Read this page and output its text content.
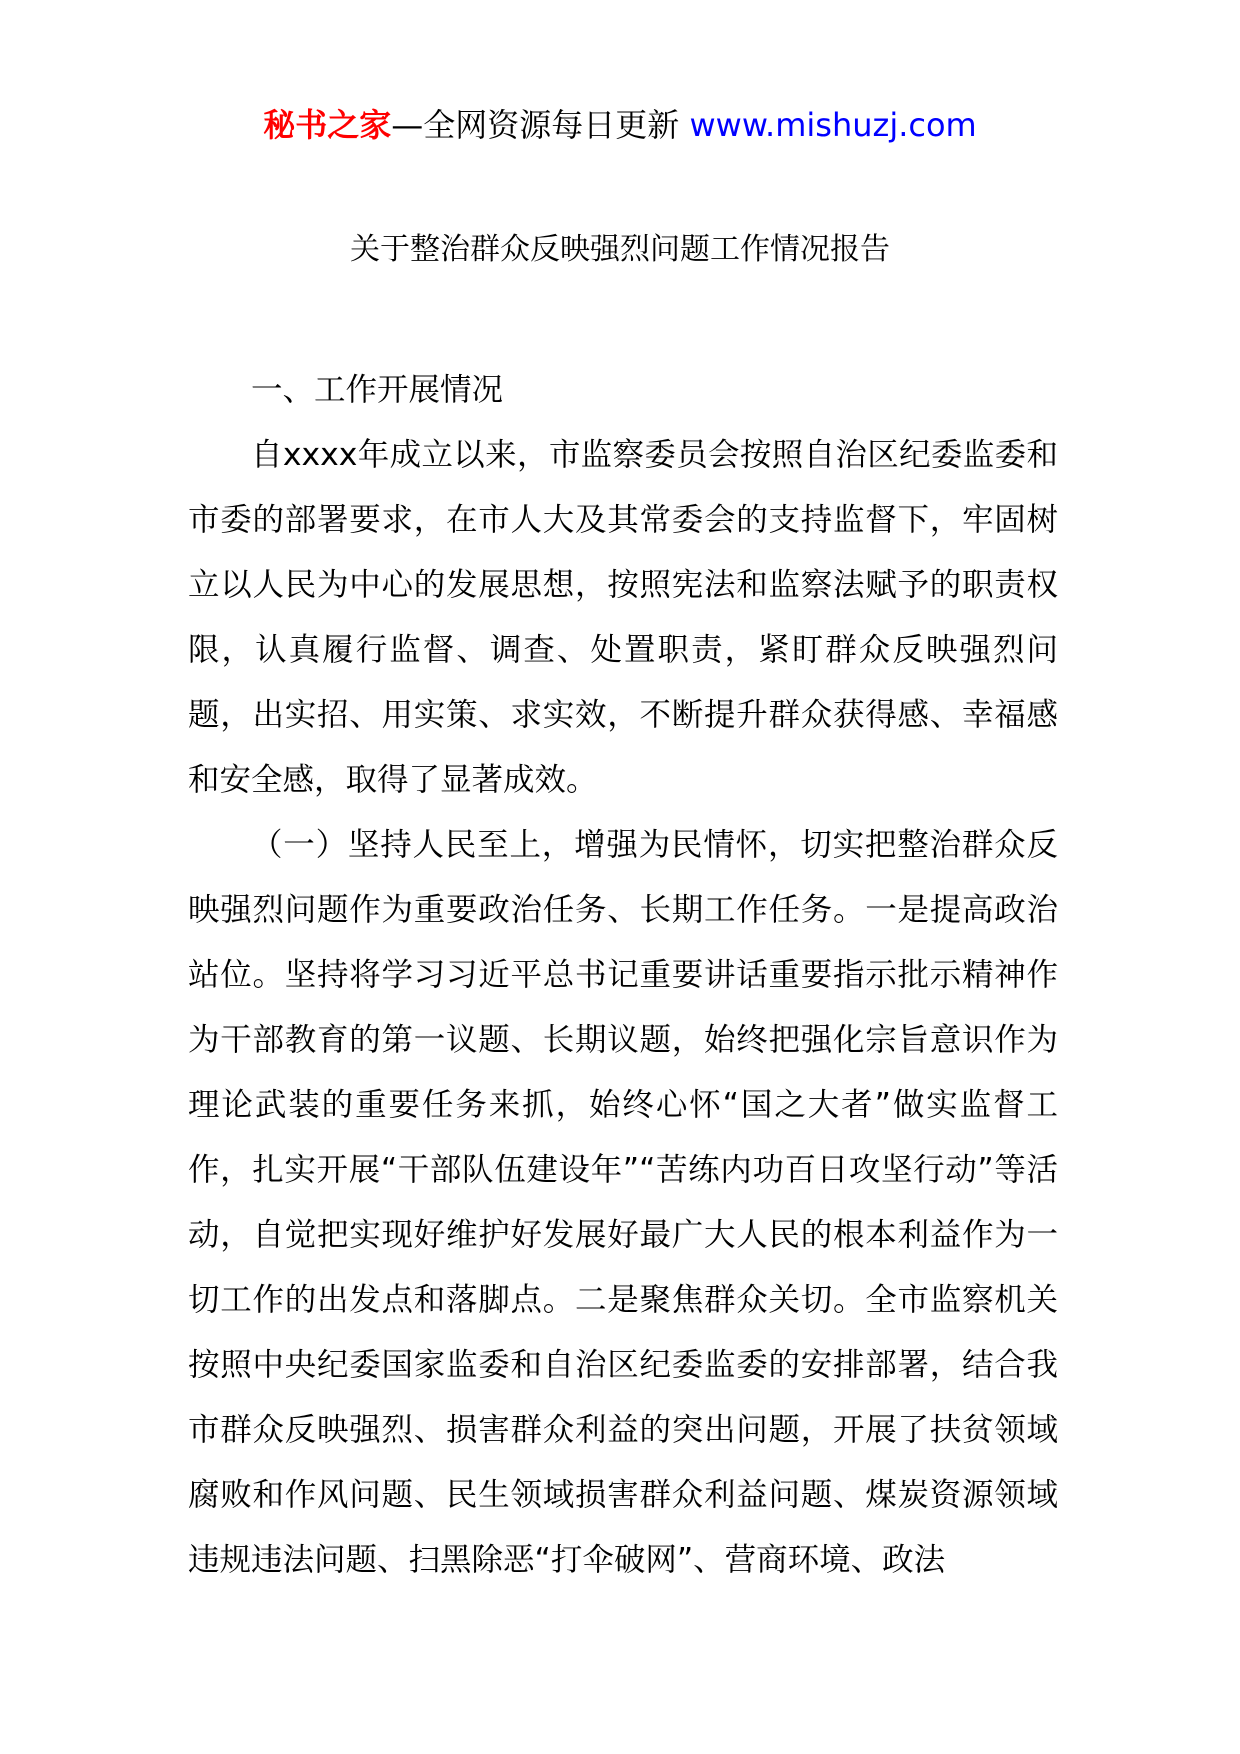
秘书之家—全网资源每日更新 www.mishuzj.com
关于整治群众反映强烈问题工作情况报告

一、工作开展情况

自xxxx年成立以来，市监察委员会按照自治区纪委监委和市委的部署要求，在市人大及其常委会的支持监督下，牢固树立以人民为中心的发展思想，按照宪法和监察法赋予的职责权限，认真履行监督、调查、处置职责，紧盯群众反映强烈问题，出实招、用实策、求实效，不断提升群众获得感、幸福感和安全感，取得了显著成效。

（一）坚持人民至上，增强为民情怀，切实把整治群众反映强烈问题作为重要政治任务、长期工作任务。一是提高政治站位。坚持将学习习近平总书记重要讲话重要指示批示精神作为干部教育的第一议题、长期议题，始终把强化宗旨意识作为理论武装的重要任务来抓，始终心怀“国之大者”做实监督工作，扎实开展“干部队伍建设年”“苦练内功百日攻坚行动”等活动，自觉把实现好维护好发展好最广大人民的根本利益作为一切工作的出发点和落脚点。二是聚焦群众关切。全市监察机关按照中央纪委国家监委和自治区纪委监委的安排部署，结合我市群众反映强烈、损害群众利益的突出问题，开展了扶贫领域腐败和作风问题、民生领域损害群众利益问题、煤炭资源领域违规违法问题、扫黑除恶“打伞破网”、营商环境、政法
